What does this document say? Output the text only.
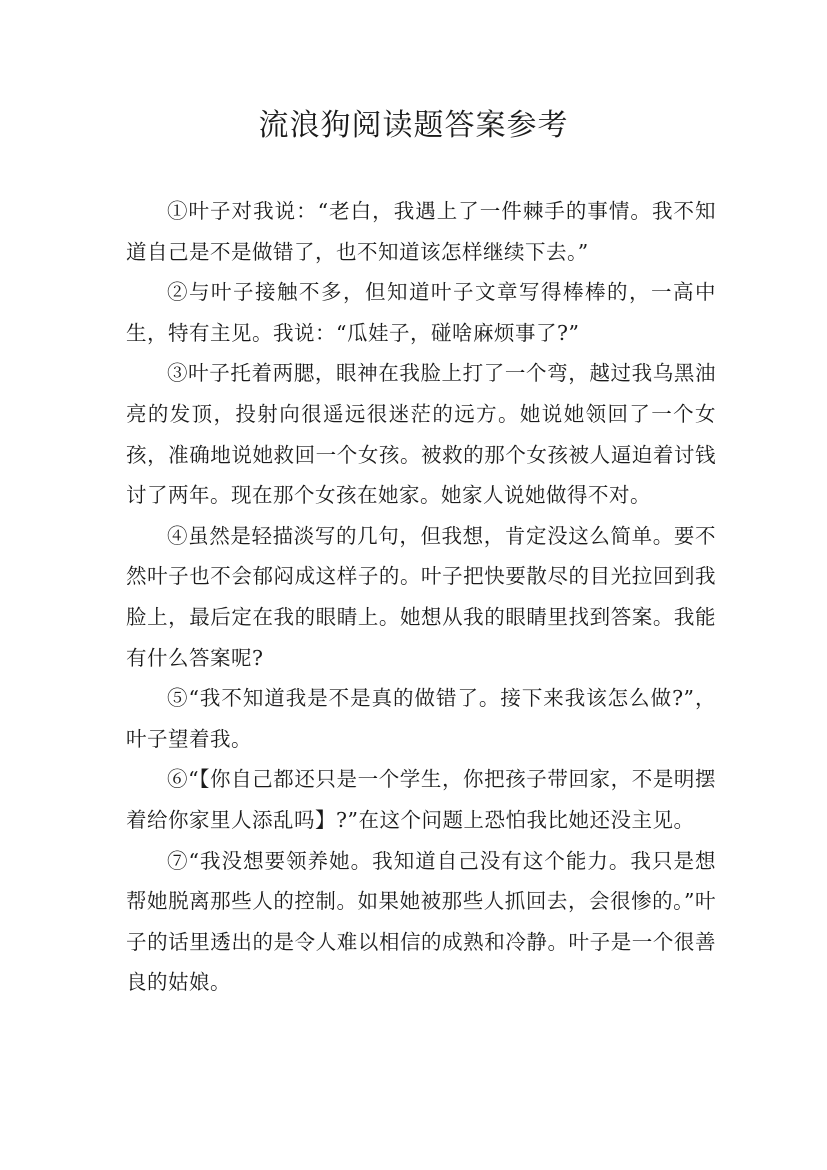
流浪狗阅读题答案参考

①叶子对我说：“老白，我遇上了一件棘手的事情。我不知道自己是不是做错了，也不知道该怎样继续下去。”

②与叶子接触不多，但知道叶子文章写得棒棒的，一高中生，特有主见。我说：“瓜娃子，碰啥麻烦事了?”

③叶子托着两腮，眼神在我脸上打了一个弯，越过我乌黑油亮的发顶，投射向很遥远很迷茫的远方。她说她领回了一个女孩，准确地说她救回一个女孩。被救的那个女孩被人逼迫着讨钱讨了两年。现在那个女孩在她家。她家人说她做得不对。

④虽然是轻描淡写的几句，但我想，肯定没这么简单。要不然叶子也不会郁闷成这样子的。叶子把快要散尽的目光拉回到我脸上，最后定在我的眼睛上。她想从我的眼睛里找到答案。我能有什么答案呢?

⑤“我不知道我是不是真的做错了。接下来我该怎么做?”，叶子望着我。

⑥“【你自己都还只是一个学生，你把孩子带回家，不是明摆着给你家里人添乱吗】?”在这个问题上恐怕我比她还没主见。

⑦“我没想要领养她。我知道自己没有这个能力。我只是想帮她脱离那些人的控制。如果她被那些人抓回去，会很惨的。”叶子的话里透出的是令人难以相信的成熟和冷静。叶子是一个很善良的姑娘。
